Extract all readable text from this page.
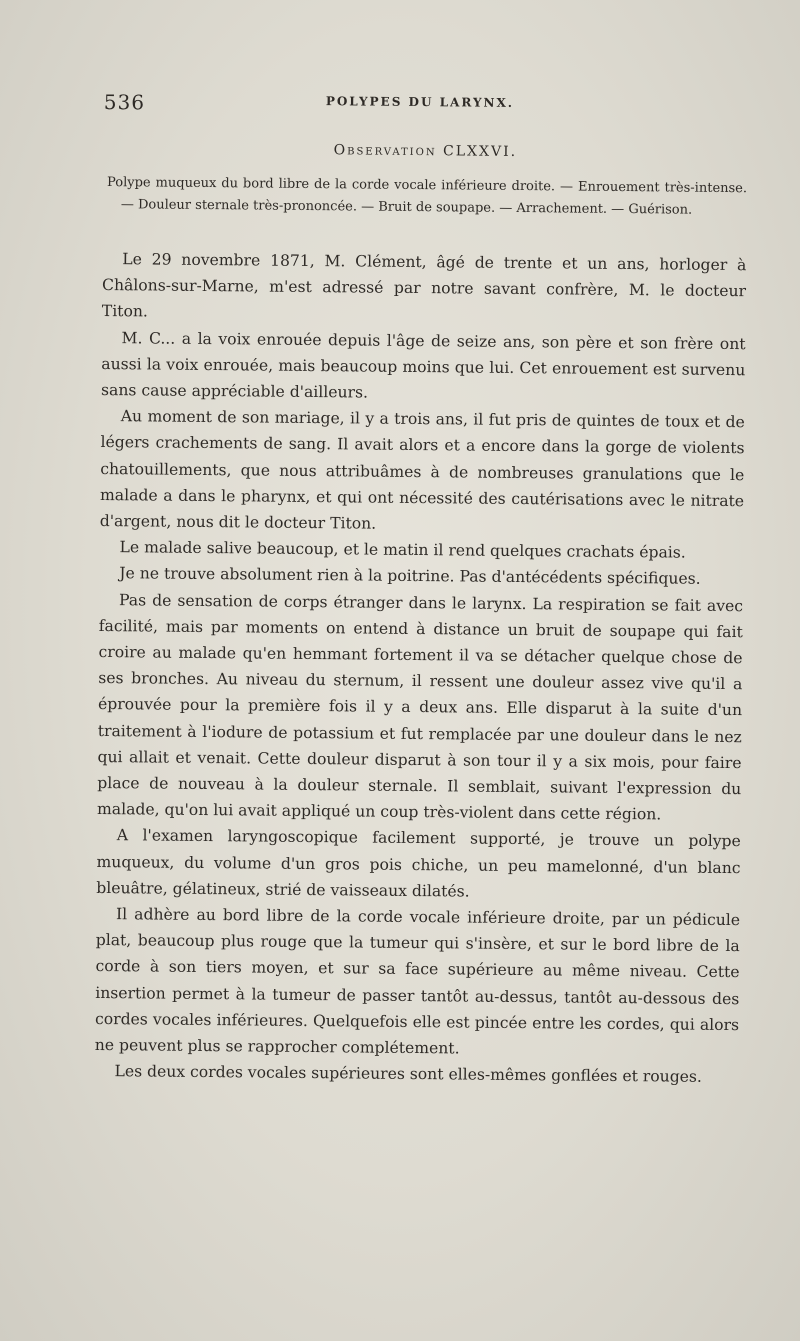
536	POLYPES DU LARYNX.
Observation CLXXVI.
Polype muqueux du bord libre de la corde vocale inférieure droite. — Enrouement très-intense. — Douleur sternale très-prononcée. — Bruit de soupape. — Arrachement. — Guérison.

Le 29 novembre 1871, M. Clément, âgé de trente et un ans, horloger à Châlons-sur-Marne, m'est adressé par notre savant confrère, M. le docteur Titon.

M. C... a la voix enrouée depuis l'âge de seize ans, son père et son frère ont aussi la voix enrouée, mais beaucoup moins que lui. Cet enrouement est survenu sans cause appréciable d'ailleurs.

Au moment de son mariage, il y a trois ans, il fut pris de quintes de toux et de légers crachements de sang. Il avait alors et a encore dans la gorge de violents chatouillements, que nous attribuâmes à de nombreuses granulations que le malade a dans le pharynx, et qui ont nécessité des cautérisations avec le nitrate d'argent, nous dit le docteur Titon.

Le malade salive beaucoup, et le matin il rend quelques crachats épais.

Je ne trouve absolument rien à la poitrine. Pas d'antécédents spécifiques.

Pas de sensation de corps étranger dans le larynx. La respiration se fait avec facilité, mais par moments on entend à distance un bruit de soupape qui fait croire au malade qu'en hemmant fortement il va se détacher quelque chose de ses bronches. Au niveau du sternum, il ressent une douleur assez vive qu'il a éprouvée pour la première fois il y a deux ans. Elle disparut à la suite d'un traitement à l'iodure de potassium et fut remplacée par une douleur dans le nez qui allait et venait. Cette douleur disparut à son tour il y a six mois, pour faire place de nouveau à la douleur sternale. Il semblait, suivant l'expression du malade, qu'on lui avait appliqué un coup très-violent dans cette région.

A l'examen laryngoscopique facilement supporté, je trouve un polype muqueux, du volume d'un gros pois chiche, un peu mamelonné, d'un blanc bleuâtre, gélatineux, strié de vaisseaux dilatés.

Il adhère au bord libre de la corde vocale inférieure droite, par un pédicule plat, beaucoup plus rouge que la tumeur qui s'insère, et sur le bord libre de la corde à son tiers moyen, et sur sa face supérieure au même niveau. Cette insertion permet à la tumeur de passer tantôt au-dessus, tantôt au-dessous des cordes vocales inférieures. Quelquefois elle est pincée entre les cordes, qui alors ne peuvent plus se rapprocher complétement.

Les deux cordes vocales supérieures sont elles-mêmes gonflées et rouges.
